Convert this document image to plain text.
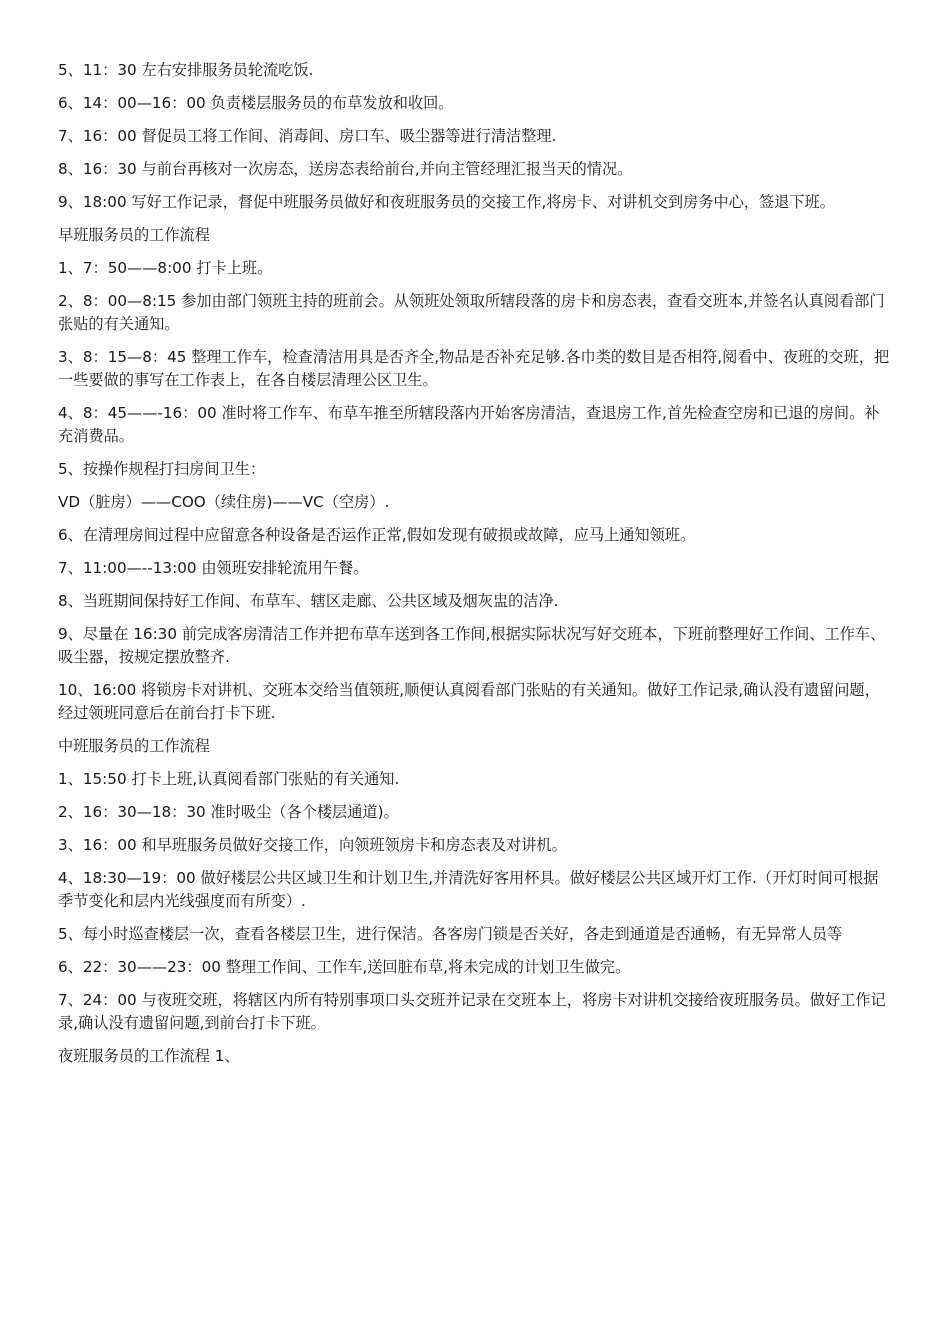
5、11：30 左右安排服务员轮流吃饭.

6、14：00—16：00 负责楼层服务员的布草发放和收回。

7、16：00 督促员工将工作间、消毒间、房口车、吸尘器等进行清洁整理.

8、16：30 与前台再核对一次房态，送房态表给前台,并向主管经理汇报当天的情况。

9、18:00 写好工作记录，督促中班服务员做好和夜班服务员的交接工作,将房卡、对讲机交到房务中心，签退下班。

早班服务员的工作流程

1、7：50——8:00 打卡上班。

2、8：00—8:15 参加由部门领班主持的班前会。从领班处领取所辖段落的房卡和房态表，查看交班本,并签名认真阅看部门张贴的有关通知。

3、8：15—8：45 整理工作车，检查清洁用具是否齐全,物品是否补充足够.各巾类的数目是否相符,阅看中、夜班的交班，把一些要做的事写在工作表上，在各自楼层清理公区卫生。

4、8：45——-16：00 准时将工作车、布草车推至所辖段落内开始客房清洁，查退房工作,首先检查空房和已退的房间。补充消费品。

5、按操作规程打扫房间卫生：

VD（脏房）——COO（续住房)——VC（空房）.

6、在清理房间过程中应留意各种设备是否运作正常,假如发现有破损或故障，应马上通知领班。

7、11:00—--13:00 由领班安排轮流用午餐。

8、当班期间保持好工作间、布草车、辖区走廊、公共区域及烟灰盅的洁净.

9、尽量在 16:30 前完成客房清洁工作并把布草车送到各工作间,根据实际状况写好交班本，下班前整理好工作间、工作车、吸尘器，按规定摆放整齐.

10、16:00 将锁房卡对讲机、交班本交给当值领班,顺便认真阅看部门张贴的有关通知。做好工作记录,确认没有遗留问题，经过领班同意后在前台打卡下班.

中班服务员的工作流程

1、15:50 打卡上班,认真阅看部门张贴的有关通知.

2、16：30—18：30 准时吸尘（各个楼层通道)。

3、16：00 和早班服务员做好交接工作，向领班领房卡和房态表及对讲机。

4、18:30—19：00 做好楼层公共区域卫生和计划卫生,并清洗好客用杯具。做好楼层公共区域开灯工作.（开灯时间可根据季节变化和层内光线强度而有所变）.

5、每小时巡查楼层一次，查看各楼层卫生，进行保洁。各客房门锁是否关好，各走到通道是否通畅，有无异常人员等

6、22：30——23：00 整理工作间、工作车,送回脏布草,将未完成的计划卫生做完。

7、24：00 与夜班交班，将辖区内所有特别事项口头交班并记录在交班本上，将房卡对讲机交接给夜班服务员。做好工作记录,确认没有遗留问题,到前台打卡下班。

夜班服务员的工作流程 1、
